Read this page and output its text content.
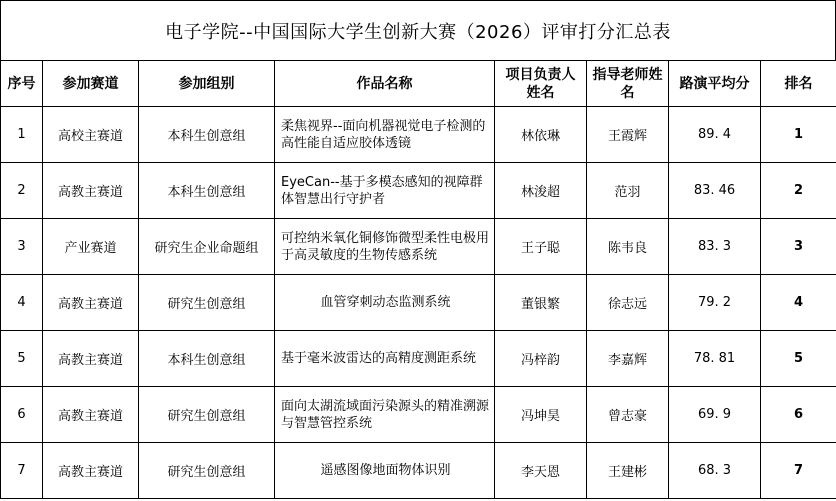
电子学院--中国国际大学生创新大赛（2026）评审打分汇总表
序号	参加赛道	参加组别	作品名称	项目负责人姓名	指导老师姓名	路演平均分	排名
1	高校主赛道	本科生创意组	柔焦视界--面向机器视觉电子检测的高性能自适应胶体透镜	林依琳	王霞辉	89. 4	1
2	高教主赛道	本科生创意组	EyeCan--基于多模态感知的视障群体智慧出行守护者	林浚超	范羽	83. 46	2
3	产业赛道	研究生企业命题组	可控纳米氧化铜修饰微型柔性电极用于高灵敏度的生物传感系统	王子聪	陈韦良	83. 3	3
4	高教主赛道	研究生创意组	血管穿刺动态监测系统	董银繁	徐志远	79. 2	4
5	高教主赛道	本科生创意组	基于毫米波雷达的高精度测距系统	冯梓韵	李嘉辉	78. 81	5
6	高教主赛道	研究生创意组	面向太湖流域面污染源头的精准溯源与智慧管控系统	冯坤昊	曾志豪	69. 9	6
7	高教主赛道	研究生创意组	遥感图像地面物体识别	李天恩	王建彬	68. 3	7
